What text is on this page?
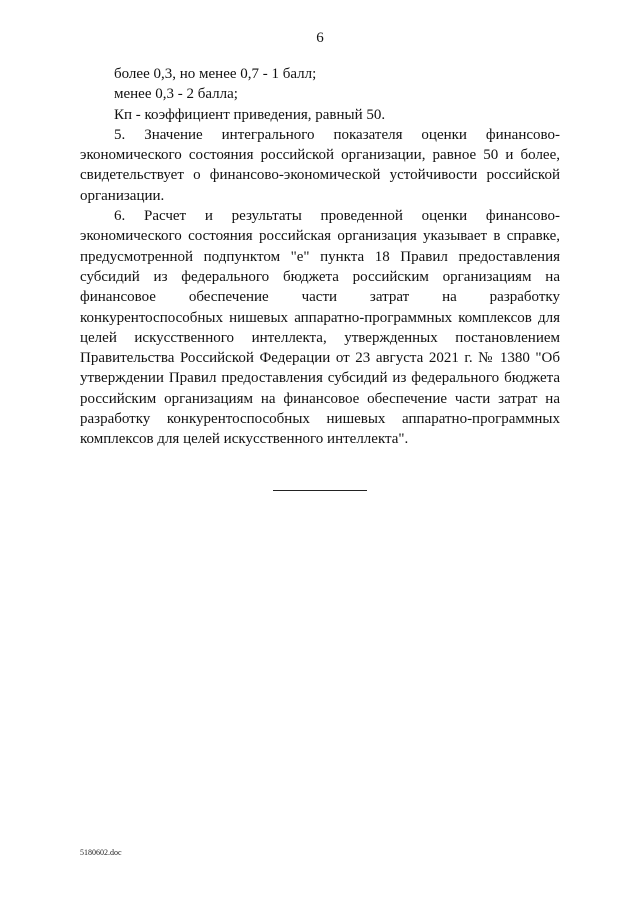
6
более 0,3, но менее 0,7 - 1 балл;
менее 0,3 - 2 балла;
Кп - коэффициент приведения, равный 50.

5. Значение интегрального показателя оценки финансово-экономического состояния российской организации, равное 50 и более, свидетельствует о финансово-экономической устойчивости российской организации.

6. Расчет и результаты проведенной оценки финансово-экономического состояния российская организация указывает в справке, предусмотренной подпунктом "е" пункта 18 Правил предоставления субсидий из федерального бюджета российским организациям на финансовое обеспечение части затрат на разработку конкурентоспособных нишевых аппаратно-программных комплексов для целей искусственного интеллекта, утвержденных постановлением Правительства Российской Федерации от 23 августа 2021 г. № 1380 "Об утверждении Правил предоставления субсидий из федерального бюджета российским организациям на финансовое обеспечение части затрат на разработку конкурентоспособных нишевых аппаратно-программных комплексов для целей искусственного интеллекта".

5180602.doc
